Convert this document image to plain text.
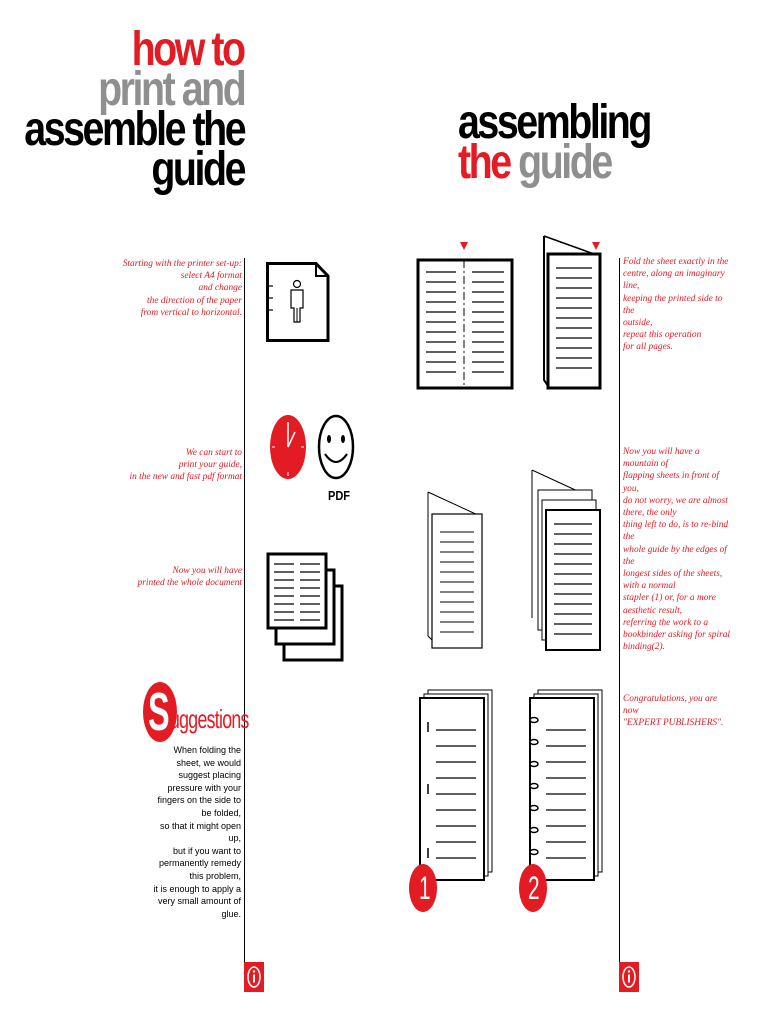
how to
print and
assemble the
guide
assembling
the guide
Starting with the printer set-up:
select A4 format
and change
the direction of the paper
from vertical to horizontal.
We can start to
print your guide,
in the new and fast pdf format
Now you will have
printed the whole document
PDF
S uggestions
When folding the
sheet, we would
suggest placing
pressure with your
fingers on the side to
be folded,
so that it might open
up,
but if you want to
permanently remedy
this problem,
it is enough to apply a
very small amount of
glue.
Fold the sheet exactly in the
centre, along an imaginary line,
keeping the printed side to the
outside,
repeat this operation
for all pages.
Now you will have a mountain of
flapping sheets in front of you,
do not worry, we are almost
there, the only
thing left to do, is to re-bind the
whole guide by the edges of the
longest sides of the sheets,
with a normal
stapler (1) or, for a more
aesthetic result,
referring the work to a
bookbinder asking for spiral
binding(2).
Congratulations, you are now
"EXPERT PUBLISHERS".
1	2
